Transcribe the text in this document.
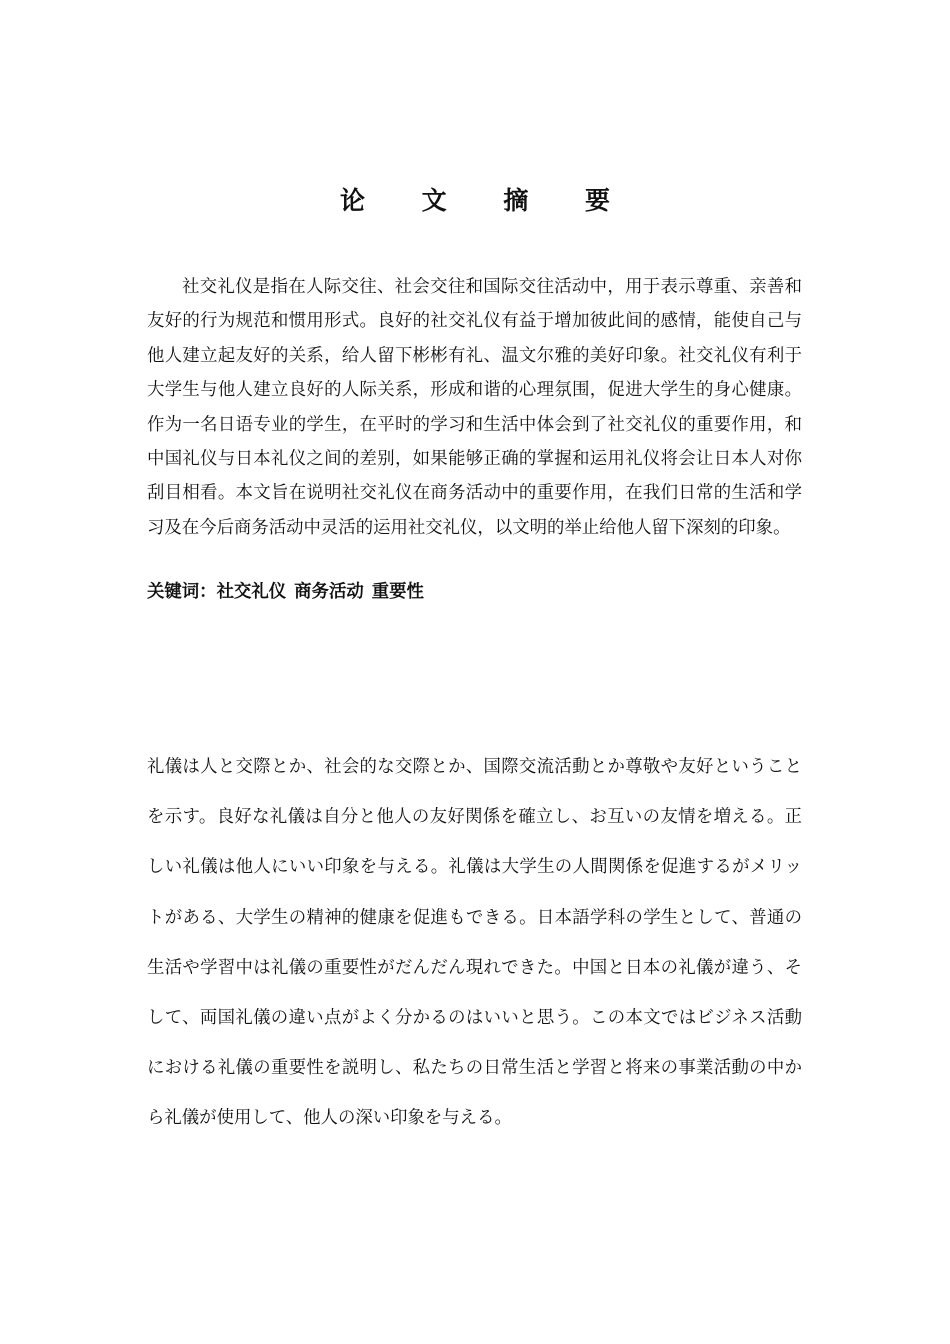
论 文 摘 要

社交礼仪是指在人际交往、社会交往和国际交往活动中，用于表示尊重、亲善和友好的行为规范和惯用形式。良好的社交礼仪有益于增加彼此间的感情，能使自己与他人建立起友好的关系，给人留下彬彬有礼、温文尔雅的美好印象。社交礼仪有利于大学生与他人建立良好的人际关系，形成和谐的心理氛围，促进大学生的身心健康。作为一名日语专业的学生，在平时的学习和生活中体会到了社交礼仪的重要作用，和中国礼仪与日本礼仪之间的差别，如果能够正确的掌握和运用礼仪将会让日本人对你刮目相看。本文旨在说明社交礼仪在商务活动中的重要作用，在我们日常的生活和学习及在今后商务活动中灵活的运用社交礼仪，以文明的举止给他人留下深刻的印象。

关键词：社交礼仪 商务活动 重要性

礼儀は人と交際とか、社会的な交際とか、国際交流活動とか尊敬や友好ということを示す。良好な礼儀は自分と他人の友好関係を確立し、お互いの友情を増える。正しい礼儀は他人にいい印象を与える。礼儀は大学生の人間関係を促進するがメリットがある、大学生の精神的健康を促進もできる。日本語学科の学生として、普通の生活や学習中は礼儀の重要性がだんだん現れできた。中国と日本の礼儀が違う、そして、両国礼儀の違い点がよく分かるのはいいと思う。この本文ではビジネス活動における礼儀の重要性を説明し、私たちの日常生活と学習と将来の事業活動の中から礼儀が使用して、他人の深い印象を与える。
